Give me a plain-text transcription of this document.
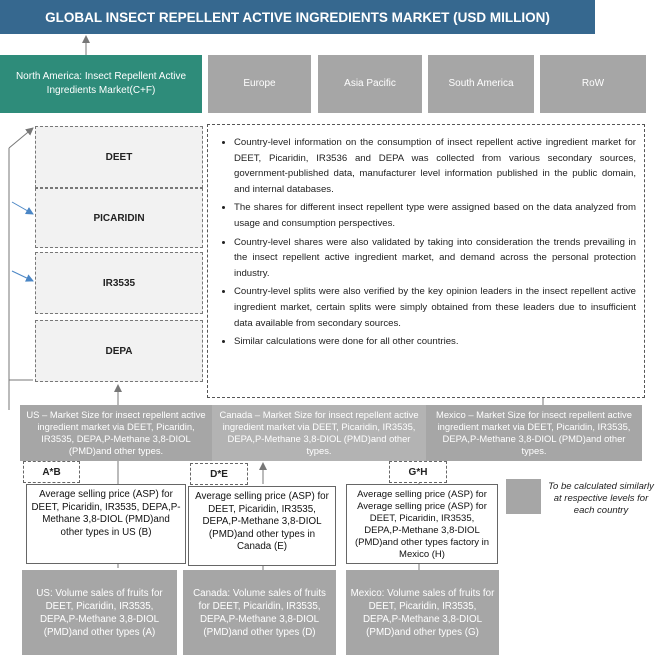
GLOBAL INSECT REPELLENT ACTIVE INGREDIENTS MARKET (USD MILLION)
North America: Insect Repellent Active Ingredients Market(C+F)
Europe	Asia Pacific	South America	RoW
DEET
PICARIDIN
IR3535
DEPA
• Country-level information on the consumption of insect repellent active ingredient market for DEET, Picaridin, IR3536 and DEPA was collected from various secondary sources, government-published data, manufacturer level information published in the public domain, and internal databases.
• The shares for different insect repellent type were assigned based on the data analyzed from usage and consumption perspectives.
• Country-level shares were also validated by taking into consideration the trends prevailing in the insect repellent active ingredient market, and demand across the personal protection industry.
• Country-level splits were also verified by the key opinion leaders in the insect repellent active ingredient market, certain splits were simply obtained from these leaders due to insufficient data available from secondary sources.
• Similar calculations were done for all other countries.
US – Market Size for insect repellent active ingredient market via DEET, Picaridin, IR3535, DEPA,P-Methane 3,8-DIOL (PMD)and other types.
Canada – Market Size for insect repellent active ingredient market via DEET, Picaridin, IR3535, DEPA,P-Methane 3,8-DIOL (PMD)and other types.
Mexico – Market Size for insect repellent active ingredient market via DEET, Picaridin, IR3535, DEPA,P-Methane 3,8-DIOL (PMD)and other types.
A*B	D*E	G*H
Average selling price (ASP) for DEET, Picaridin, IR3535, DEPA,P-Methane 3,8-DIOL (PMD)and other types in US (B)
Average selling price (ASP) for DEET, Picaridin, IR3535, DEPA,P-Methane 3,8-DIOL (PMD)and other types in Canada (E)
Average selling price (ASP) for Average selling price (ASP) for DEET, Picaridin, IR3535, DEPA,P-Methane 3,8-DIOL (PMD)and other types factory in Mexico (H)
US: Volume sales of fruits for DEET, Picaridin, IR3535, DEPA,P-Methane 3,8-DIOL (PMD)and other types (A)
Canada: Volume sales of fruits for DEET, Picaridin, IR3535, DEPA,P-Methane 3,8-DIOL (PMD)and other types (D)
Mexico: Volume sales of fruits for DEET, Picaridin, IR3535, DEPA,P-Methane 3,8-DIOL (PMD)and other types (G)
To be calculated similarly at respective levels for each country
